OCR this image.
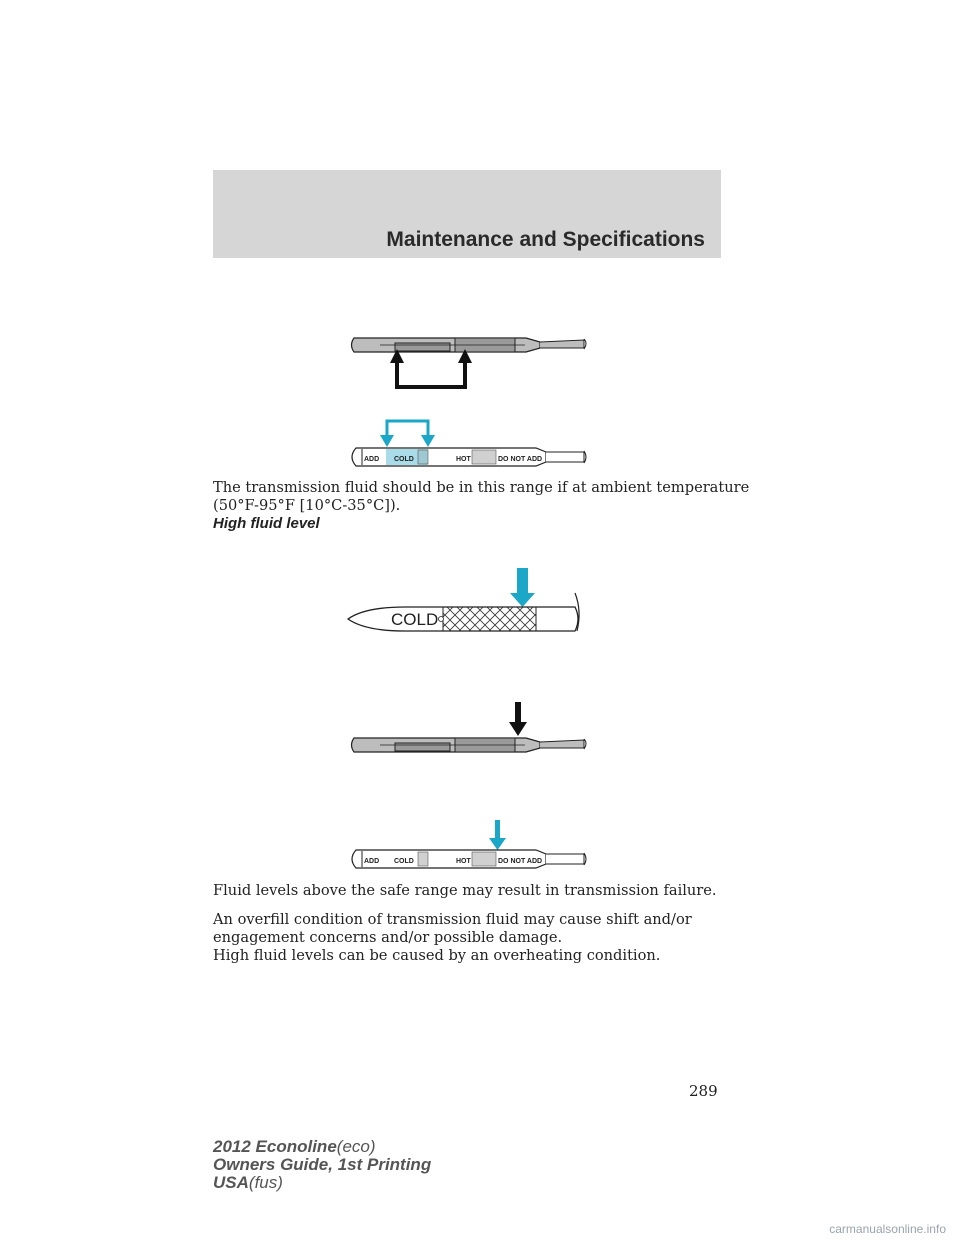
Maintenance and Specifications
ADD COLD	HOT	DO NOT ADD
The transmission fluid should be in this range if at ambient temperature
(50°F-95°F [10°C-35°C]).
High fluid level
COLD
ADD COLD	HOT	DO NOT ADD
Fluid levels above the safe range may result in transmission failure.
An overfill condition of transmission fluid may cause shift and/or
engagement concerns and/or possible damage.
High fluid levels can be caused by an overheating condition.
289
2012 Econoline(eco)
Owners Guide, 1st Printing
USA(fus)
carmanualsonline.info
